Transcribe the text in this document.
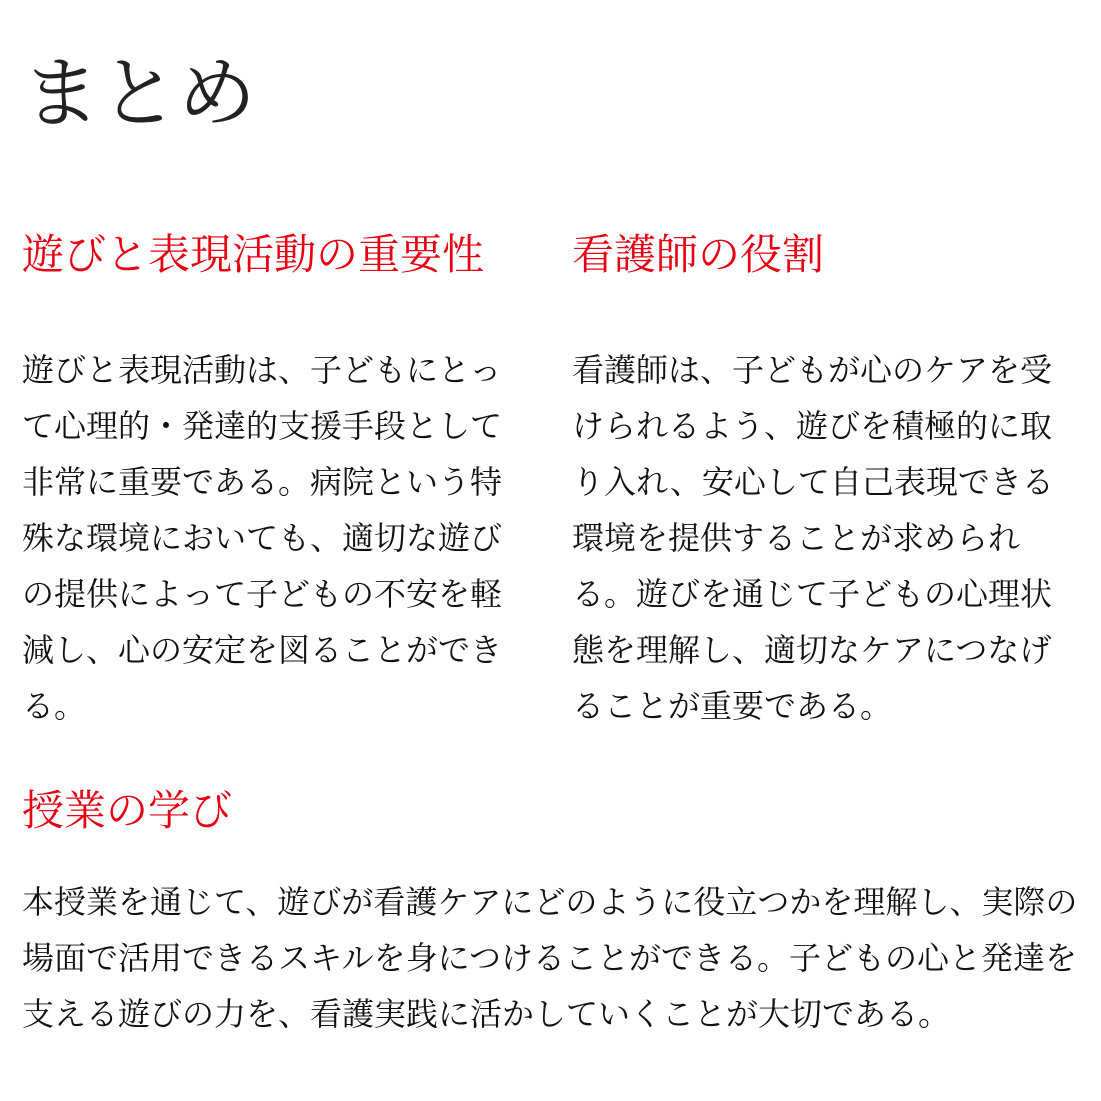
まとめ
遊びと表現活動の重要性

遊びと表現活動は、子どもにとって心理的・発達的支援手段として非常に重要である。病院という特殊な環境においても、適切な遊びの提供によって子どもの不安を軽減し、心の安定を図ることができる。

看護師の役割

看護師は、子どもが心のケアを受けられるよう、遊びを積極的に取り入れ、安心して自己表現できる環境を提供することが求められる。遊びを通じて子どもの心理状態を理解し、適切なケアにつなげることが重要である。

授業の学び

本授業を通じて、遊びが看護ケアにどのように役立つかを理解し、実際の場面で活用できるスキルを身につけることができる。子どもの心と発達を支える遊びの力を、看護実践に活かしていくことが大切である。
